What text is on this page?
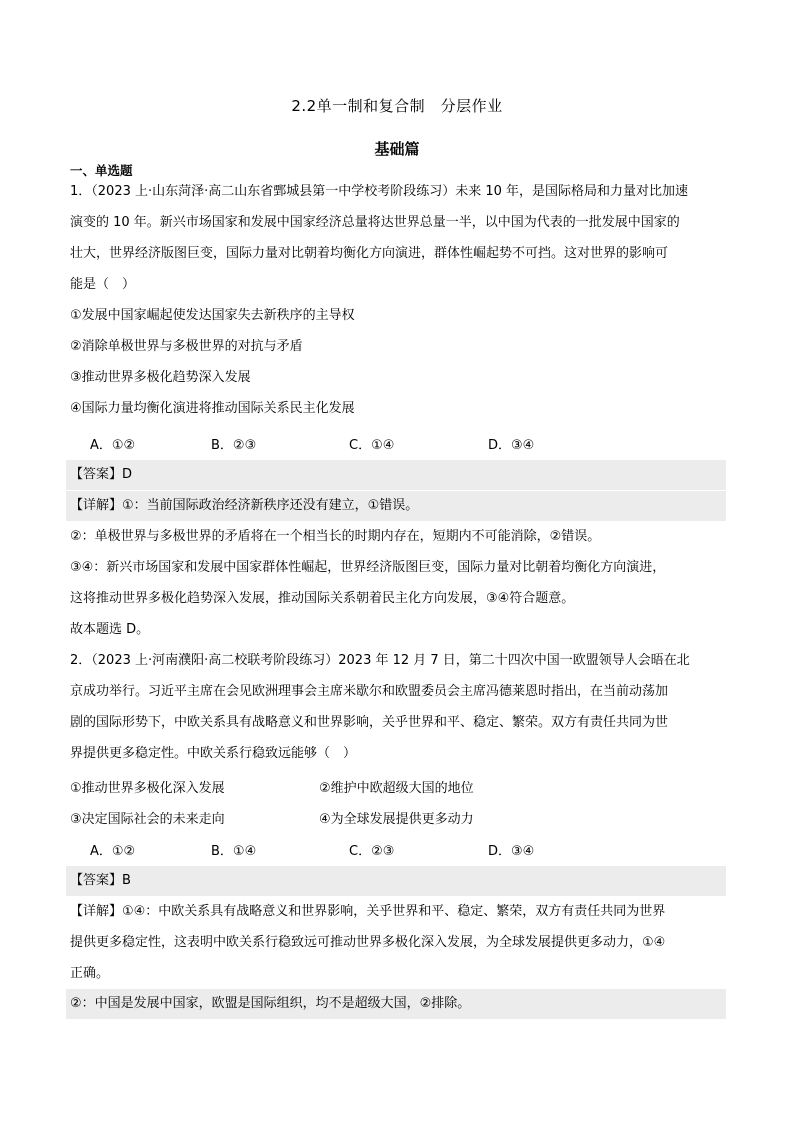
2.2单一制和复合制　分层作业
基础篇
一、单选题
1．（2023 上·山东菏泽·高二山东省鄄城县第一中学校考阶段练习）未来 10 年，是国际格局和力量对比加速
演变的 10 年。新兴市场国家和发展中国家经济总量将达世界总量一半，以中国为代表的一批发展中国家的
壮大，世界经济版图巨变，国际力量对比朝着均衡化方向演进，群体性崛起势不可挡。这对世界的影响可
能是（　）
①发展中国家崛起使发达国家失去新秩序的主导权
②消除单极世界与多极世界的对抗与矛盾
③推动世界多极化趋势深入发展
④国际力量均衡化演进将推动国际关系民主化发展
A．①②	B．②③	C．①④	D．③④
【答案】D
【详解】①：当前国际政治经济新秩序还没有建立，①错误。
②：单极世界与多极世界的矛盾将在一个相当长的时期内存在，短期内不可能消除，②错误。
③④：新兴市场国家和发展中国家群体性崛起，世界经济版图巨变，国际力量对比朝着均衡化方向演进，
这将推动世界多极化趋势深入发展，推动国际关系朝着民主化方向发展，③④符合题意。
故本题选 D。
2．（2023 上·河南濮阳·高二校联考阶段练习）2023 年 12 月 7 日，第二十四次中国一欧盟领导人会晤在北
京成功举行。习近平主席在会见欧洲理事会主席米歇尔和欧盟委员会主席冯德莱恩时指出，在当前动荡加
剧的国际形势下，中欧关系具有战略意义和世界影响，关乎世界和平、稳定、繁荣。双方有责任共同为世
界提供更多稳定性。中欧关系行稳致远能够（　）
①推动世界多极化深入发展	②维护中欧超级大国的地位
③决定国际社会的未来走向	④为全球发展提供更多动力
A．①②	B．①④	C．②③	D．③④
【答案】B
【详解】①④：中欧关系具有战略意义和世界影响，关乎世界和平、稳定、繁荣，双方有责任共同为世界
提供更多稳定性，这表明中欧关系行稳致远可推动世界多极化深入发展，为全球发展提供更多动力，①④
正确。
②：中国是发展中国家，欧盟是国际组织，均不是超级大国，②排除。
